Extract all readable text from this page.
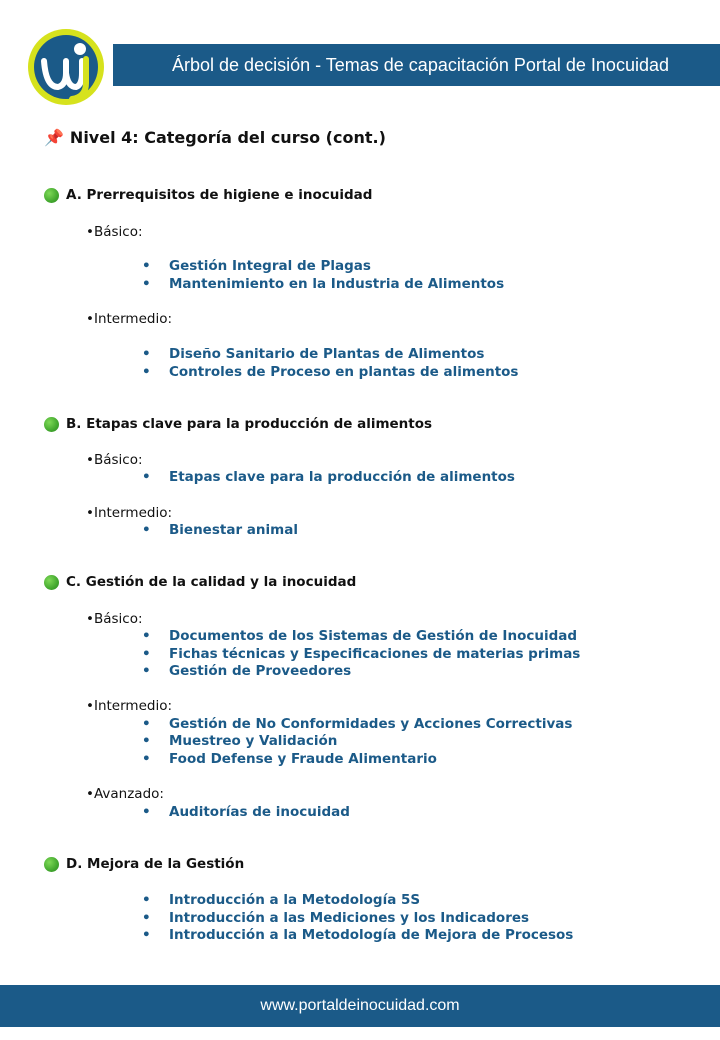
Árbol de decisión - Temas de capacitación Portal de Inocuidad
📌 Nivel 4: Categoría del curso (cont.)
A. Prerrequisitos de higiene e inocuidad
•Básico:
• Gestión Integral de Plagas
• Mantenimiento en la Industria de Alimentos
•Intermedio:
• Diseño Sanitario de Plantas de Alimentos
• Controles de Proceso en plantas de alimentos
B. Etapas clave para la producción de alimentos
•Básico:
• Etapas clave para la producción de alimentos
•Intermedio:
• Bienestar animal
C. Gestión de la calidad y la inocuidad
•Básico:
• Documentos de los Sistemas de Gestión de Inocuidad
• Fichas técnicas y Especificaciones de materias primas
• Gestión de Proveedores
•Intermedio:
• Gestión de No Conformidades y Acciones Correctivas
• Muestreo y Validación
• Food Defense y Fraude Alimentario
•Avanzado:
• Auditorías de inocuidad
D. Mejora de la Gestión
• Introducción a la Metodología 5S
• Introducción a las Mediciones y los Indicadores
• Introducción a la Metodología de Mejora de Procesos
www.portaldeinocuidad.com
